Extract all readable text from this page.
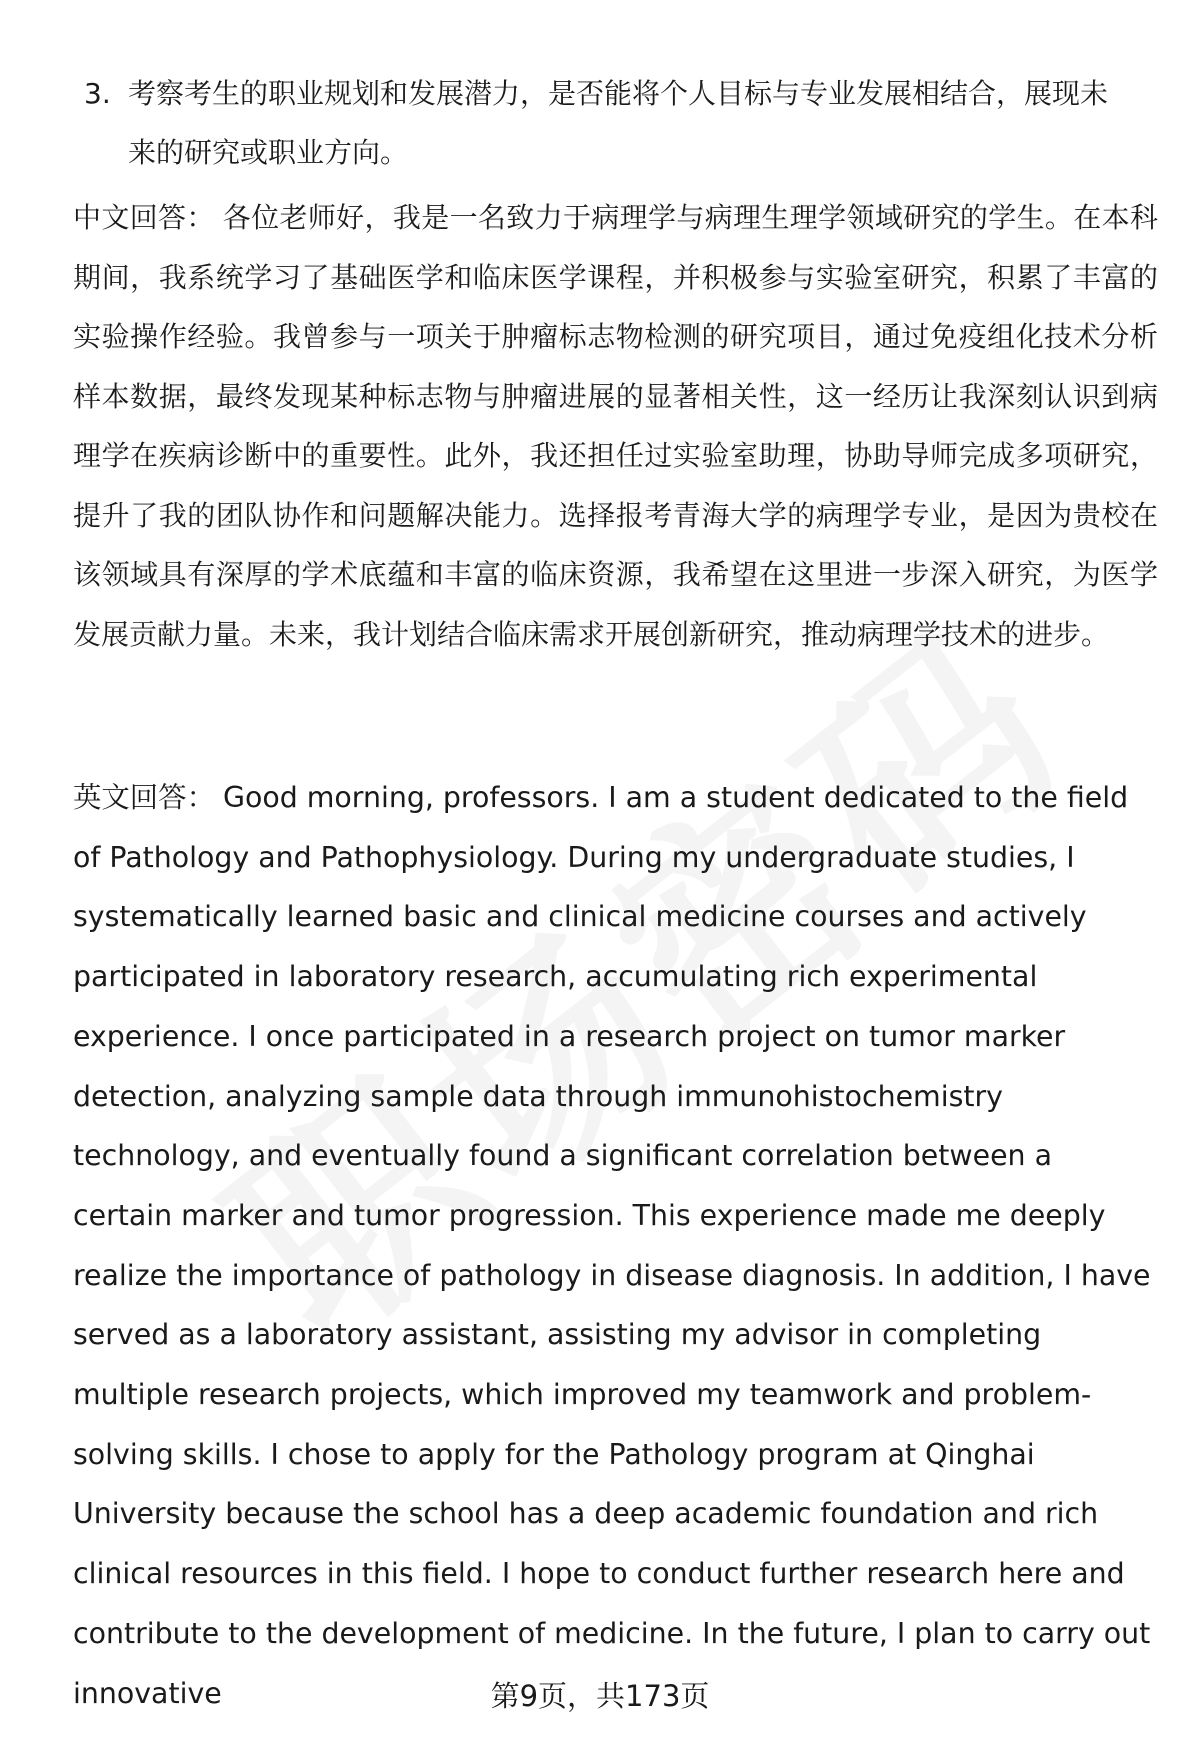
3. 考察考生的职业规划和发展潜力，是否能将个人目标与专业发展相结合，展现未来的研究或职业方向。
中文回答： 各位老师好，我是一名致力于病理学与病理生理学领域研究的学生。在本科期间，我系统学习了基础医学和临床医学课程，并积极参与实验室研究，积累了丰富的实验操作经验。我曾参与一项关于肿瘤标志物检测的研究项目，通过免疫组化技术分析样本数据，最终发现某种标志物与肿瘤进展的显著相关性，这一经历让我深刻认识到病理学在疾病诊断中的重要性。此外，我还担任过实验室助理，协助导师完成多项研究，提升了我的团队协作和问题解决能力。选择报考青海大学的病理学专业，是因为贵校在该领域具有深厚的学术底蕴和丰富的临床资源，我希望在这里进一步深入研究，为医学发展贡献力量。未来，我计划结合临床需求开展创新研究，推动病理学技术的进步。
英文回答： Good morning, professors. I am a student dedicated to the field of Pathology and Pathophysiology. During my undergraduate studies, I systematically learned basic and clinical medicine courses and actively participated in laboratory research, accumulating rich experimental experience. I once participated in a research project on tumor marker detection, analyzing sample data through immunohistochemistry technology, and eventually found a significant correlation between a certain marker and tumor progression. This experience made me deeply realize the importance of pathology in disease diagnosis. In addition, I have served as a laboratory assistant, assisting my advisor in completing multiple research projects, which improved my teamwork and problem-solving skills. I chose to apply for the Pathology program at Qinghai University because the school has a deep academic foundation and rich clinical resources in this field. I hope to conduct further research here and contribute to the development of medicine. In the future, I plan to carry out innovative	第9页，共173页
